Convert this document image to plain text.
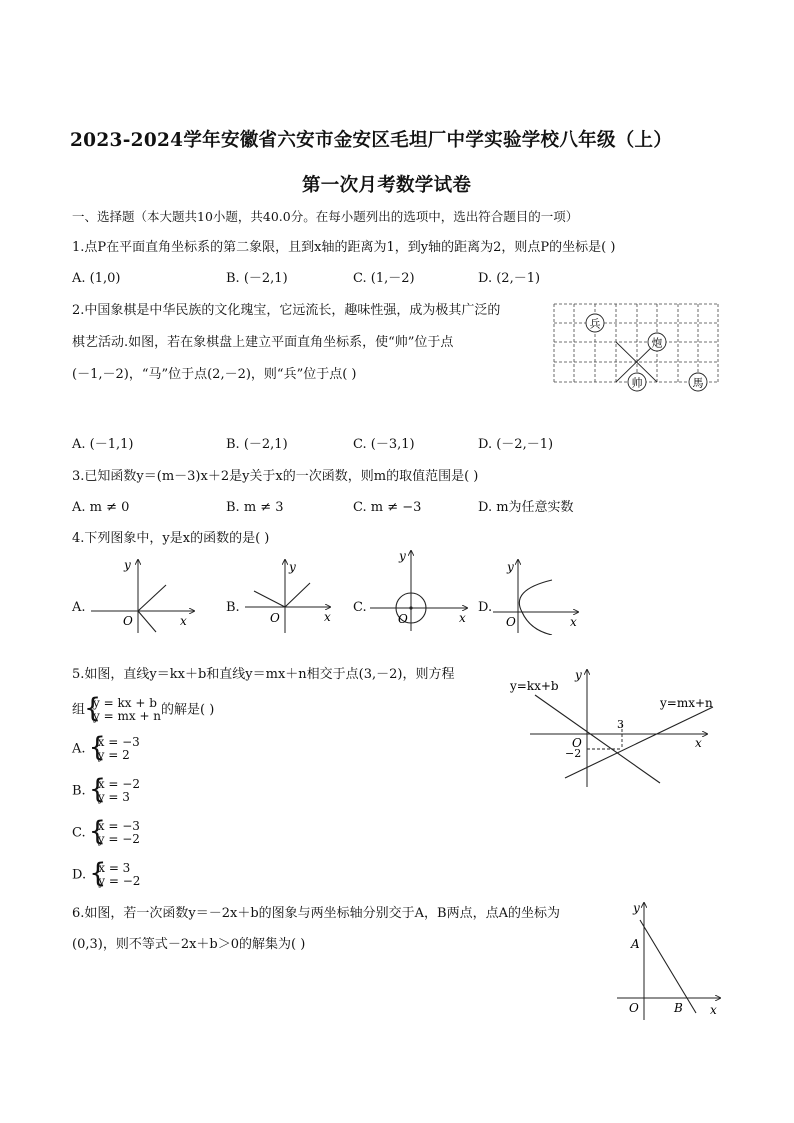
2023-2024学年安徽省六安市金安区毛坦厂中学实验学校八年级（上）
第一次月考数学试卷
一、选择题（本大题共10小题，共40.0分。在每小题列出的选项中，选出符合题目的一项）
1.点P在平面直角坐标系的第二象限，且到x轴的距离为1，到y轴的距离为2，则点P的坐标是( )
A. (1,0)	B. (－2,1)	C. (1,－2)	D. (2,－1)
2.中国象棋是中华民族的文化瑰宝，它远流长，趣味性强，成为极其广泛的
棋艺活动.如图，若在象棋盘上建立平面直角坐标系，使“帅”位于点
(－1,－2)，“马”位于点(2,－2)，则“兵”位于点( )
兵
炮
帅	馬
A. (－1,1)	B. (－2,1)	C. (－3,1)	D. (－2,－1)
3.已知函数y＝(m－3)x＋2是y关于x的一次函数，则m的取值范围是( )
A. m ≠ 0	B. m ≠ 3	C. m ≠ −3	D. m为任意实数
4.下列图象中，y是x的函数的是( )
A.
y
x
O
B.
y
x
O
C.
y
x
O
D.
y
x
O
5.如图，直线y＝kx＋b和直线y＝mx＋n相交于点(3,－2)，则方程
组 { y = kx + b
y = mx + n 的解是( )
A. { x = −3
y = 2
B. { x = −2
y = 3
C. { x = −3
y = −2
D. { x = 3
y = −2
y=kx+b
y=mx+n
3
−2
O	x
y
6.如图，若一次函数y＝－2x＋b的图象与两坐标轴分别交于A，B两点，点A的坐标为
(0,3)，则不等式－2x＋b＞0的解集为( )
y
A
B
O	x
